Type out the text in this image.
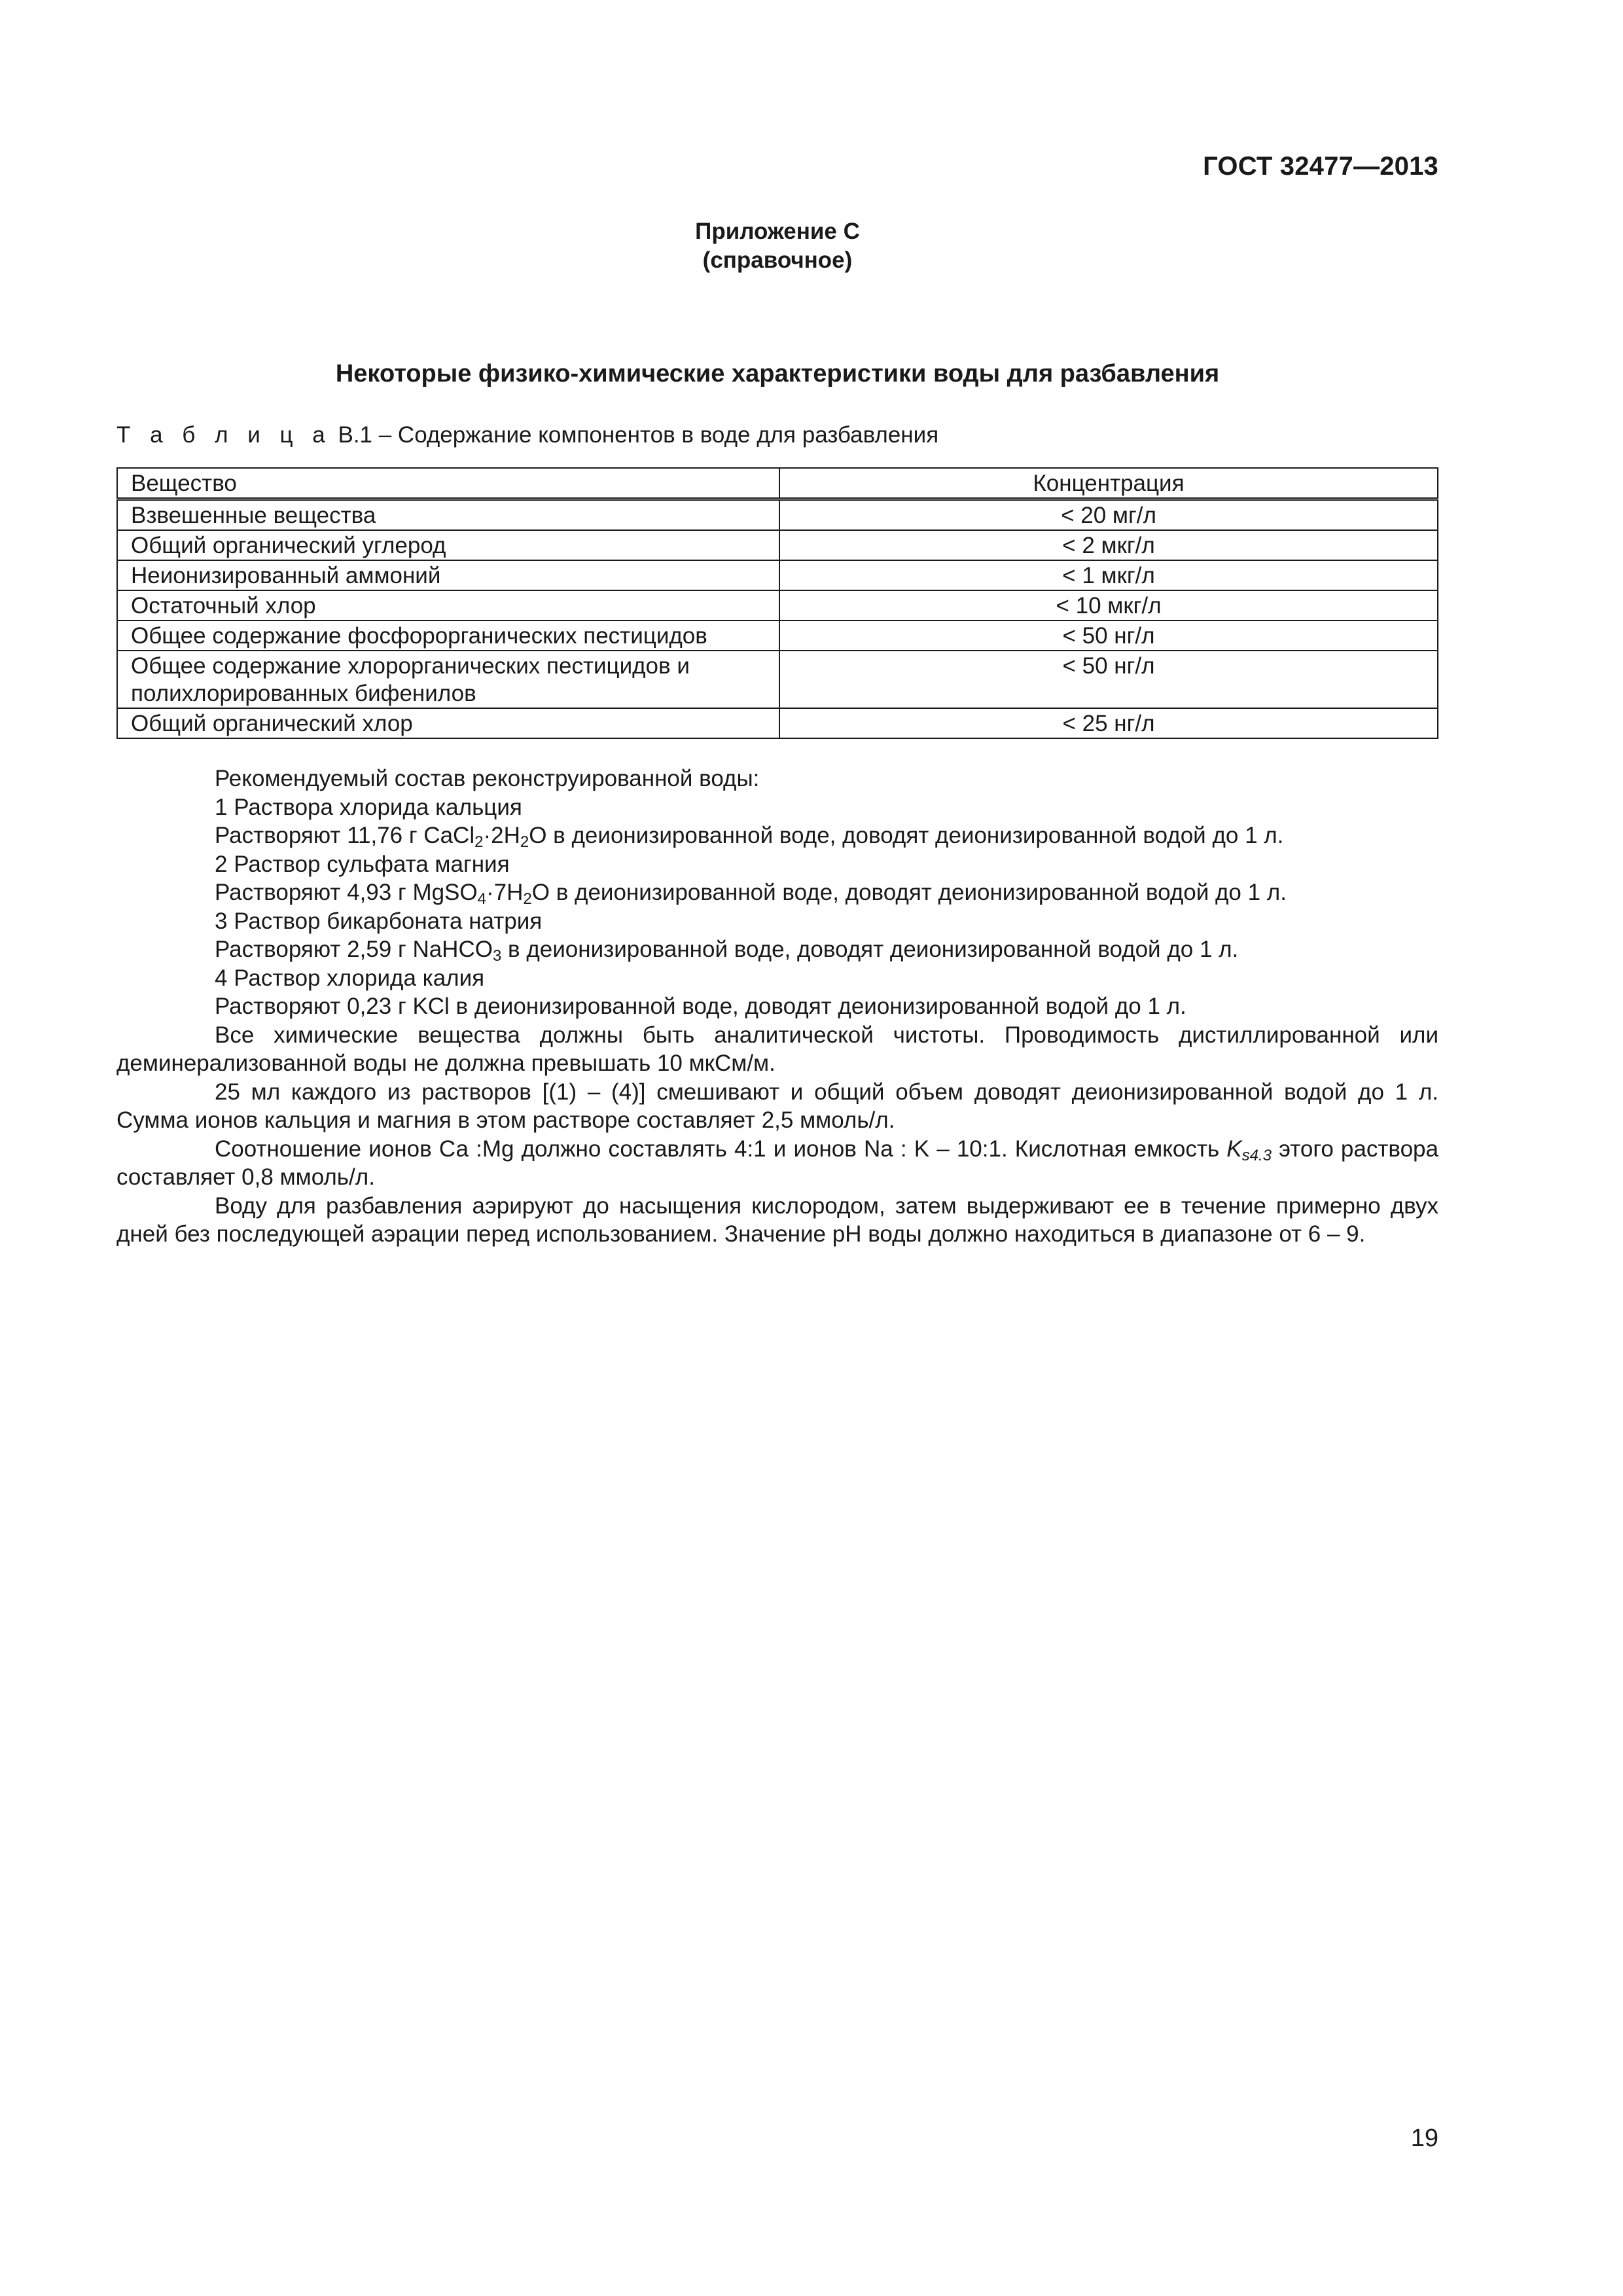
ГОСТ 32477—2013
Приложение С
(справочное)
Некоторые физико-химические характеристики воды для разбавления
Т а б л и ц а В.1 – Содержание компонентов в воде для разбавления
Вещество	Концентрация
Взвешенные вещества	< 20 мг/л
Общий органический углерод	< 2 мкг/л
Неионизированный аммоний	< 1 мкг/л
Остаточный хлор	< 10 мкг/л
Общее содержание фосфорорганических пестицидов	< 50 нг/л
Общее содержание хлорорганических пестицидов и полихлорированных бифенилов	< 50 нг/л
Общий органический хлор	< 25 нг/л

Рекомендуемый состав реконструированной воды:

1 Раствора хлорида кальция

Растворяют 11,76 г $CaCl_2\cdot 2H_2O$ в деионизированной воде, доводят деионизированной водой до 1 л.

2 Раствор сульфата магния

Растворяют 4,93 г $MgSO_4\cdot 7H_2O$ в деионизированной воде, доводят деионизированной водой до 1 л.

3 Раствор бикарбоната натрия

Растворяют 2,59 г NaHCO$_3$ в деионизированной воде, доводят деионизированной водой до 1 л.

4 Раствор хлорида калия

Растворяют 0,23 г KCl в деионизированной воде, доводят деионизированной водой до 1 л.

Все химические вещества должны быть аналитической чистоты. Проводимость дистиллированной или деминерализованной воды не должна превышать 10 мкСм/м.

25 мл каждого из растворов [(1) – (4)] смешивают и общий объем доводят деионизированной водой до 1 л. Сумма ионов кальция и магния в этом растворе составляет 2,5 ммоль/л.

Соотношение ионов Са :Mg должно составлять 4:1 и ионов Na : K – 10:1. Кислотная емкость $K_{s4.3}$ этого раствора составляет 0,8 ммоль/л.

Воду для разбавления аэрируют до насыщения кислородом, затем выдерживают ее в течение примерно двух дней без последующей аэрации перед использованием. Значение pH воды должно находиться в диапазоне от 6 – 9.

19
